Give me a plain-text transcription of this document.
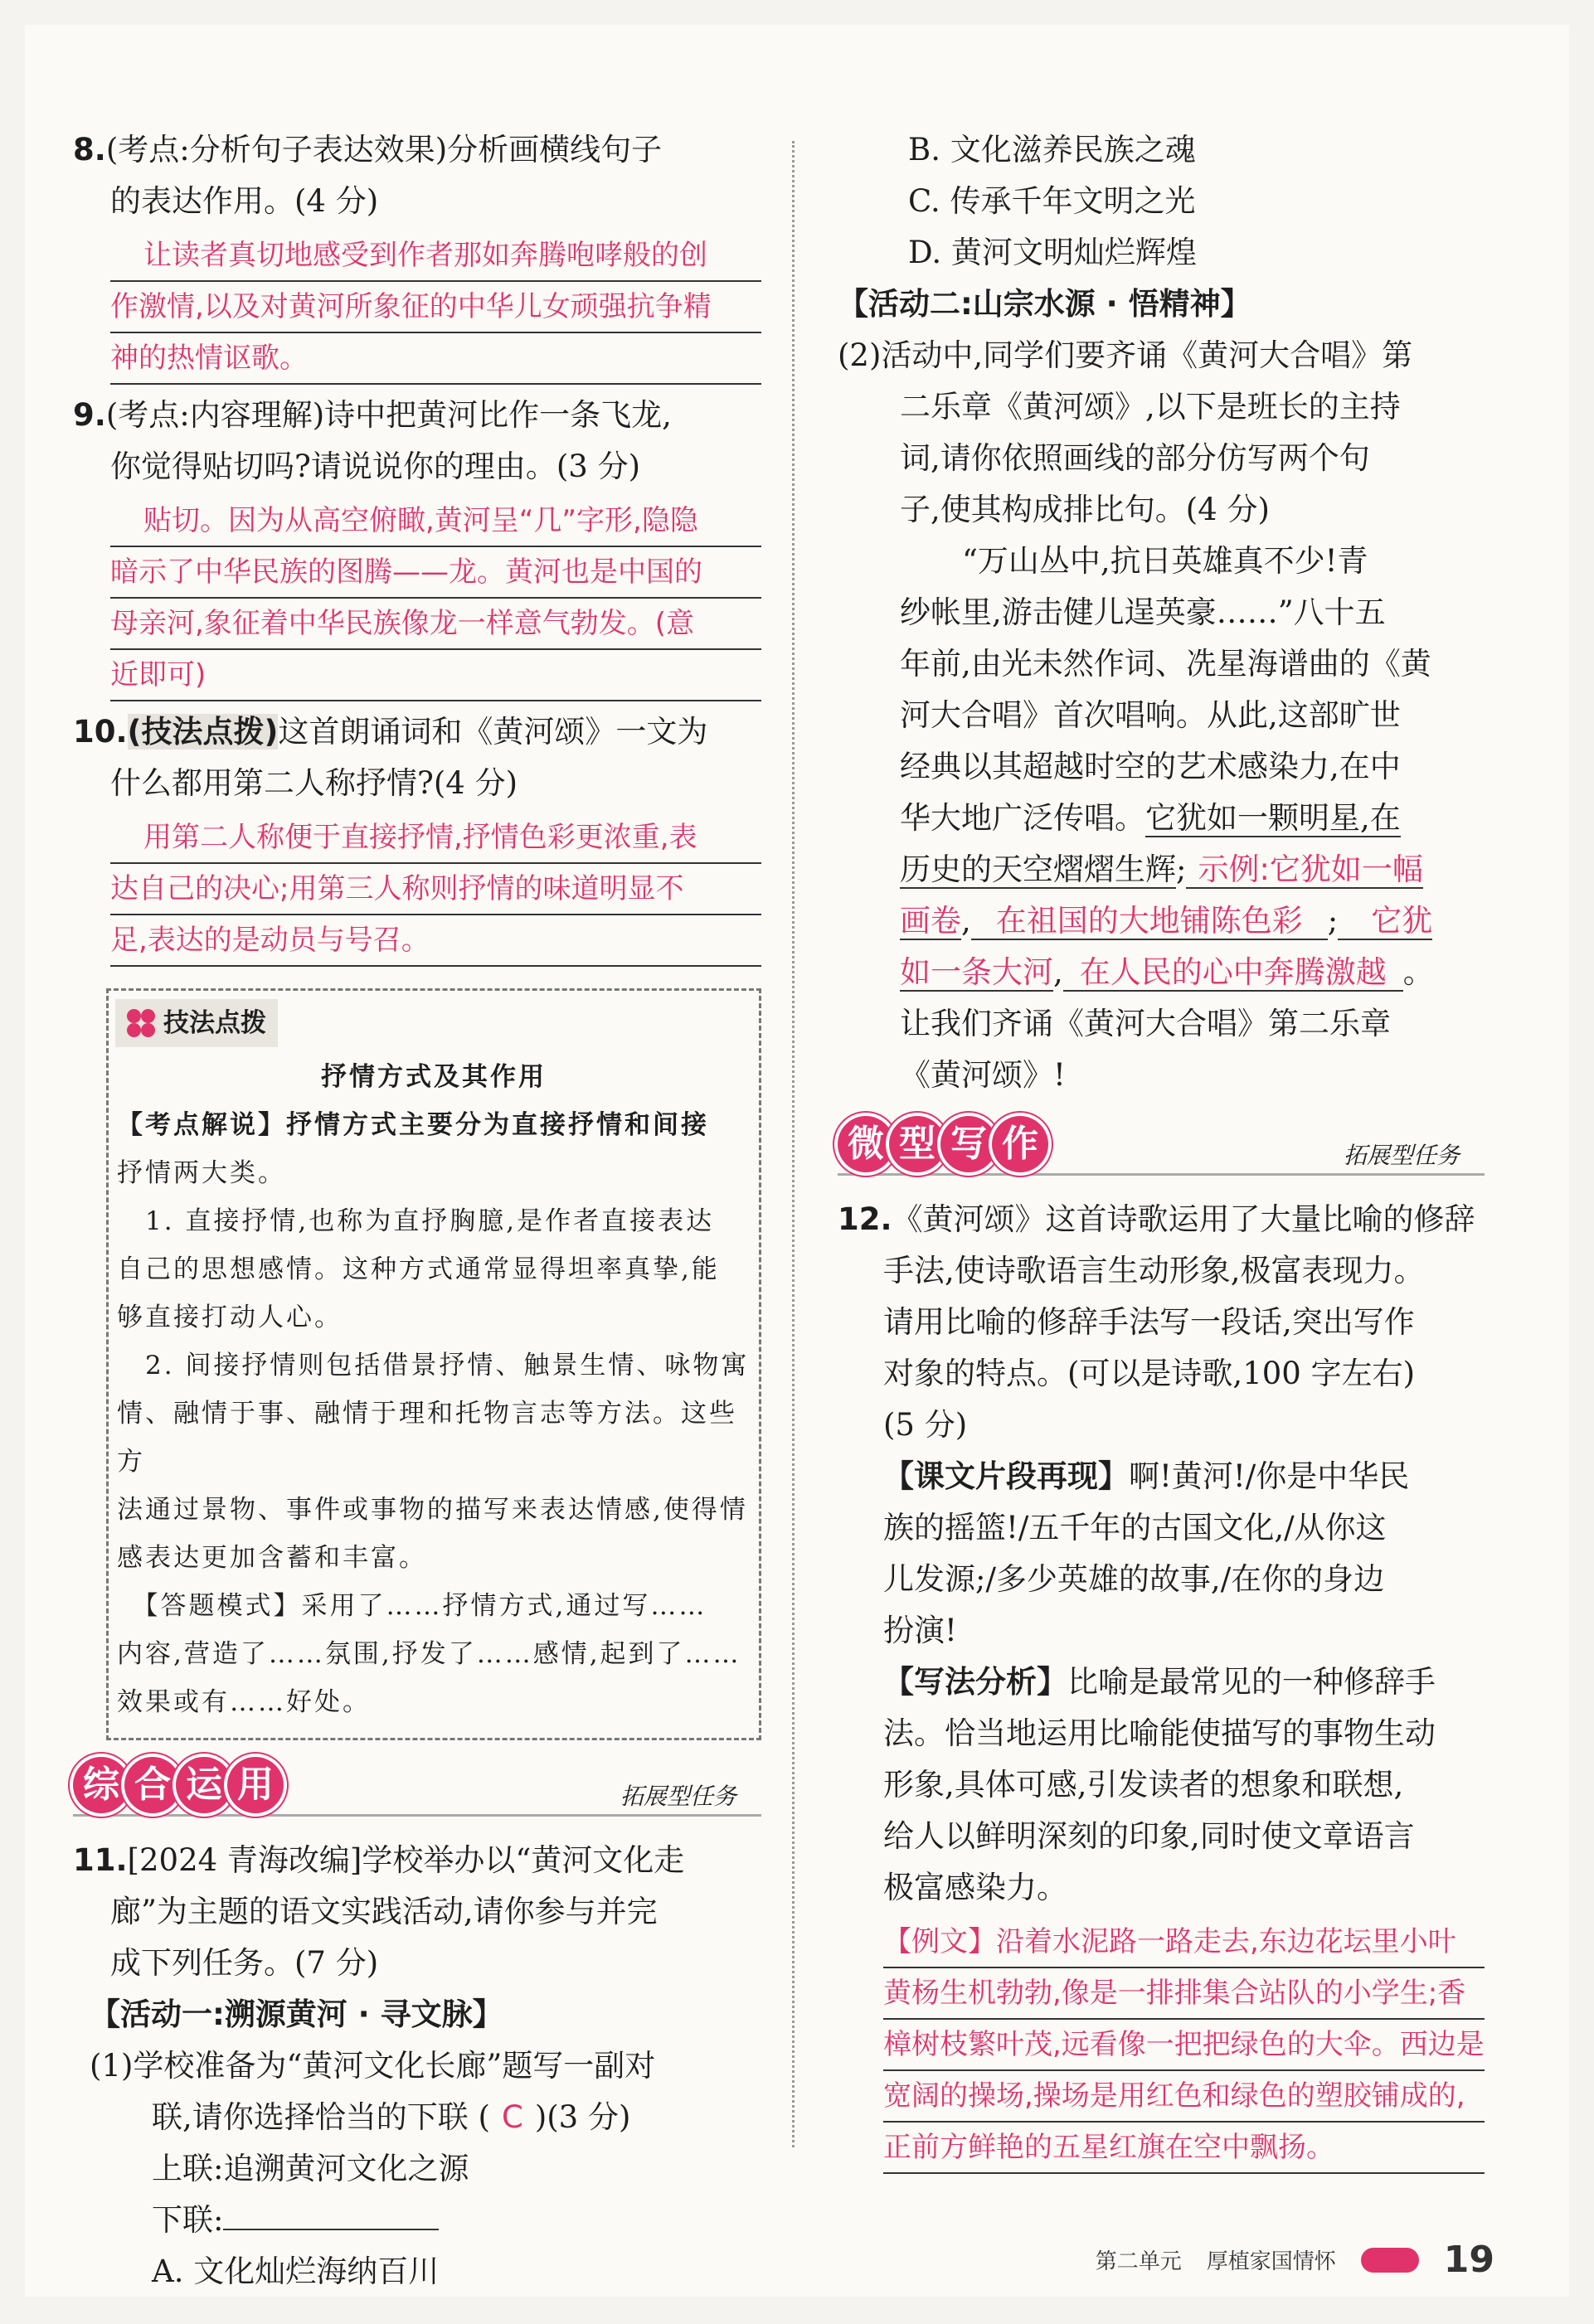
8.(考点:分析句子表达效果)分析画横线句子

的表达作用。(4 分)

让读者真切地感受到作者那如奔腾咆哮般的创
作激情,以及对黄河所象征的中华儿女顽强抗争精
神的热情讴歌。

9.(考点:内容理解)诗中把黄河比作一条飞龙,

你觉得贴切吗?请说说你的理由。(3 分)

贴切。因为从高空俯瞰,黄河呈“几”字形,隐隐
暗示了中华民族的图腾——龙。黄河也是中国的
母亲河,象征着中华民族像龙一样意气勃发。(意
近即可)

10.(技法点拨)这首朗诵词和《黄河颂》一文为

什么都用第二人称抒情?(4 分)

用第二人称便于直接抒情,抒情色彩更浓重,表
达自己的决心;用第三人称则抒情的味道明显不
足,表达的是动员与号召。
技法点拨

抒情方式及其作用

【考点解说】抒情方式主要分为直接抒情和间接

抒情两大类。

　1. 直接抒情,也称为直抒胸臆,是作者直接表达

自己的思想感情。这种方式通常显得坦率真挚,能

够直接打动人心。

　2. 间接抒情则包括借景抒情、触景生情、咏物寓

情、融情于事、融情于理和托物言志等方法。这些方

法通过景物、事件或事物的描写来表达情感,使得情

感表达更加含蓄和丰富。

　【答题模式】采用了……抒情方式,通过写……

内容,营造了……氛围,抒发了……感情,起到了……

效果或有……好处。

综 合 运 用	拓展型任务

11.[2024 青海改编]学校举办以“黄河文化走

廊”为主题的语文实践活动,请你参与并完

成下列任务。(7 分)

【活动一:溯源黄河 · 寻文脉】

(1)学校准备为“黄河文化长廊”题写一副对

联,请你选择恰当的下联 ( C )(3 分)

上联:追溯黄河文化之源

下联:

A. 文化灿烂海纳百川

B. 文化滋养民族之魂

C. 传承千年文明之光

D. 黄河文明灿烂辉煌

【活动二:山宗水源 · 悟精神】

(2)活动中,同学们要齐诵《黄河大合唱》第

二乐章《黄河颂》,以下是班长的主持

词,请你依照画线的部分仿写两个句

子,使其构成排比句。(4 分)

“万山丛中,抗日英雄真不少!青

纱帐里,游击健儿逞英豪……”八十五

年前,由光未然作词、冼星海谱曲的《黄

河大合唱》首次唱响。从此,这部旷世

经典以其超越时空的艺术感染力,在中

华大地广泛传唱。它犹如一颗明星,在

历史的天空熠熠生辉; 示例:它犹如一幅

画卷, 在祖国的大地铺陈色彩 ; 它犹

如一条大河, 在人民的心中奔腾激越 。

让我们齐诵《黄河大合唱》第二乐章

《黄河颂》!

微 型 写 作	拓展型任务

12.《黄河颂》这首诗歌运用了大量比喻的修辞

手法,使诗歌语言生动形象,极富表现力。

请用比喻的修辞手法写一段话,突出写作

对象的特点。(可以是诗歌,100 字左右)

(5 分)

【课文片段再现】啊!黄河!/你是中华民

族的摇篮!/五千年的古国文化,/从你这

儿发源;/多少英雄的故事,/在你的身边

扮演!

【写法分析】比喻是最常见的一种修辞手

法。恰当地运用比喻能使描写的事物生动

形象,具体可感,引发读者的想象和联想,

给人以鲜明深刻的印象,同时使文章语言

极富感染力。

【例文】沿着水泥路一路走去,东边花坛里小叶
黄杨生机勃勃,像是一排排集合站队的小学生;香
樟树枝繁叶茂,远看像一把把绿色的大伞。西边是
宽阔的操场,操场是用红色和绿色的塑胶铺成的,
正前方鲜艳的五星红旗在空中飘扬。
第二单元 厚植家国情怀	19
